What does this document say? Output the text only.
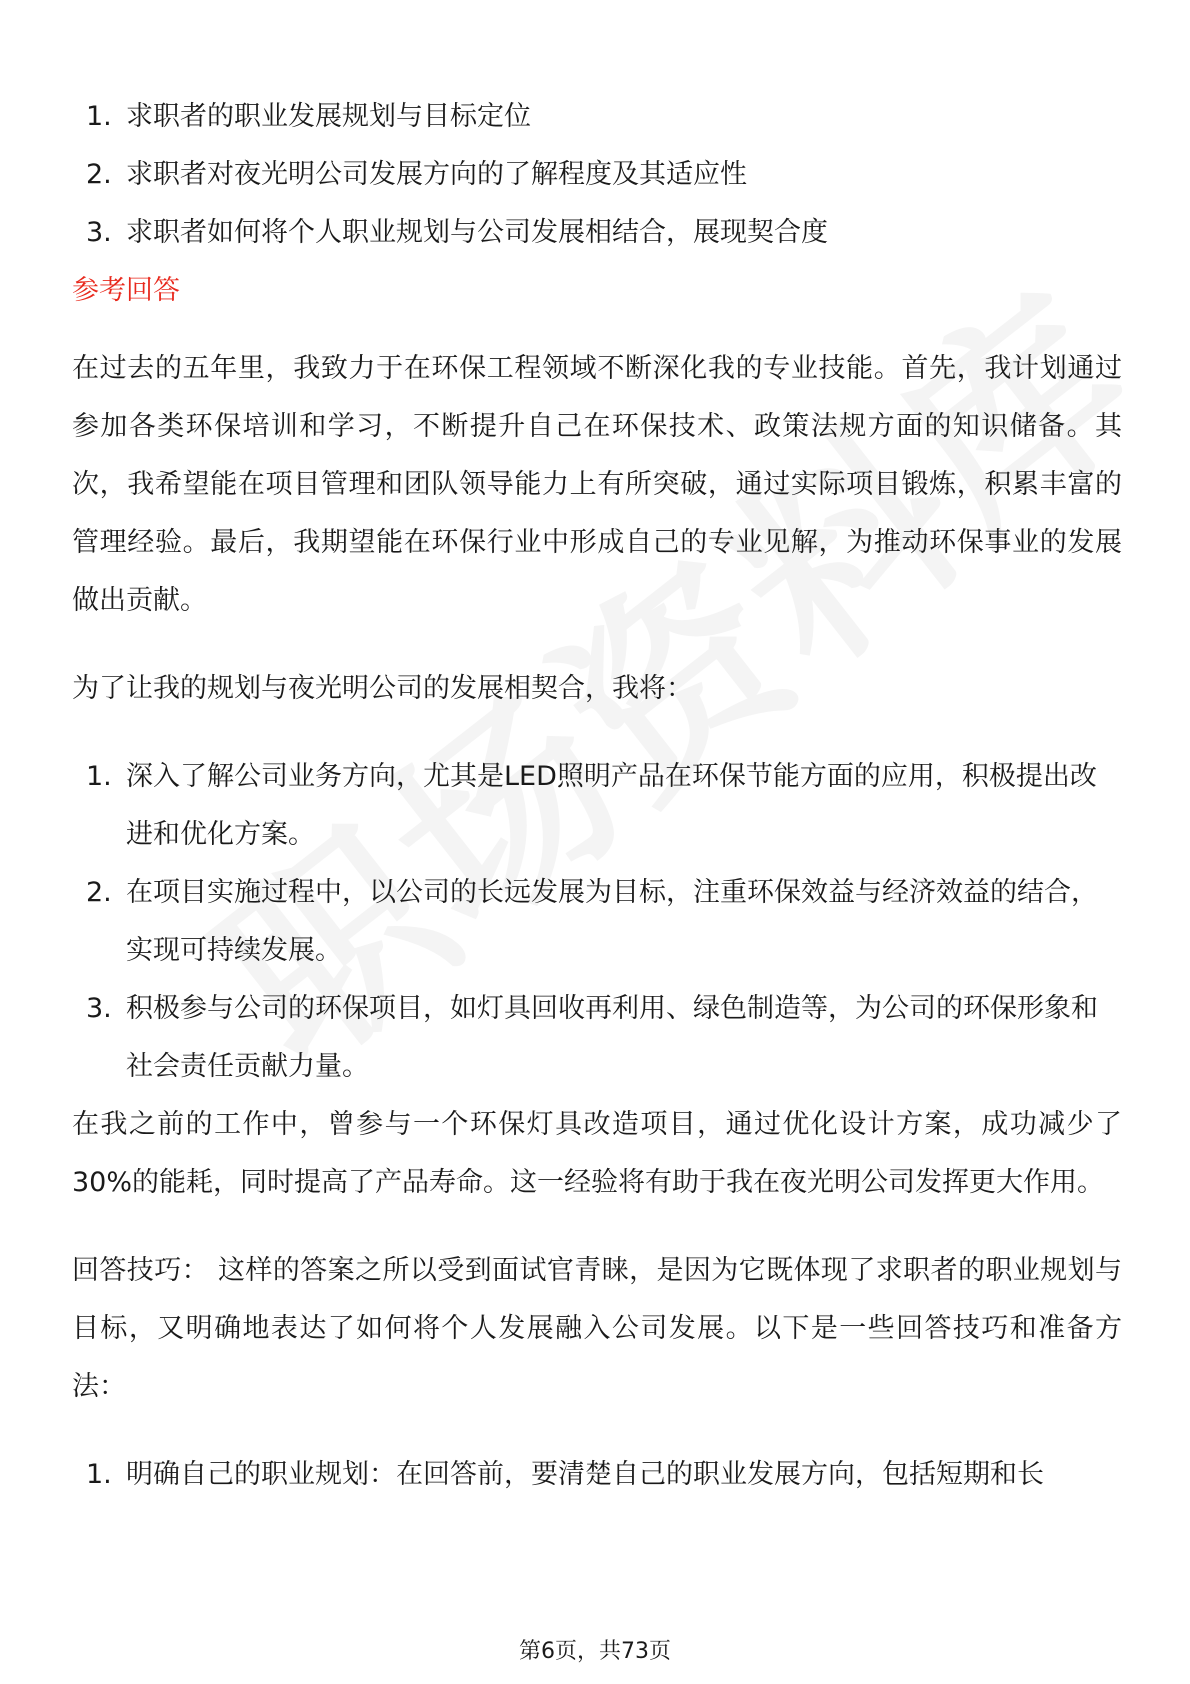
1. 求职者的职业发展规划与目标定位
2. 求职者对夜光明公司发展方向的了解程度及其适应性
3. 求职者如何将个人职业规划与公司发展相结合，展现契合度
参考回答

在过去的五年里，我致力于在环保工程领域不断深化我的专业技能。首先，我计划通过参加各类环保培训和学习，不断提升自己在环保技术、政策法规方面的知识储备。其次，我希望能在项目管理和团队领导能力上有所突破，通过实际项目锻炼，积累丰富的管理经验。最后，我期望能在环保行业中形成自己的专业见解，为推动环保事业的发展做出贡献。

为了让我的规划与夜光明公司的发展相契合，我将：

1. 深入了解公司业务方向，尤其是LED照明产品在环保节能方面的应用，积极提出改进和优化方案。
2. 在项目实施过程中，以公司的长远发展为目标，注重环保效益与经济效益的结合，实现可持续发展。
3. 积极参与公司的环保项目，如灯具回收再利用、绿色制造等，为公司的环保形象和社会责任贡献力量。

在我之前的工作中，曾参与一个环保灯具改造项目，通过优化设计方案，成功减少了30%的能耗，同时提高了产品寿命。这一经验将有助于我在夜光明公司发挥更大作用。

回答技巧： 这样的答案之所以受到面试官青睐，是因为它既体现了求职者的职业规划与目标，又明确地表达了如何将个人发展融入公司发展。以下是一些回答技巧和准备方法：

1. 明确自己的职业规划：在回答前，要清楚自己的职业发展方向，包括短期和长
第6页，共73页
